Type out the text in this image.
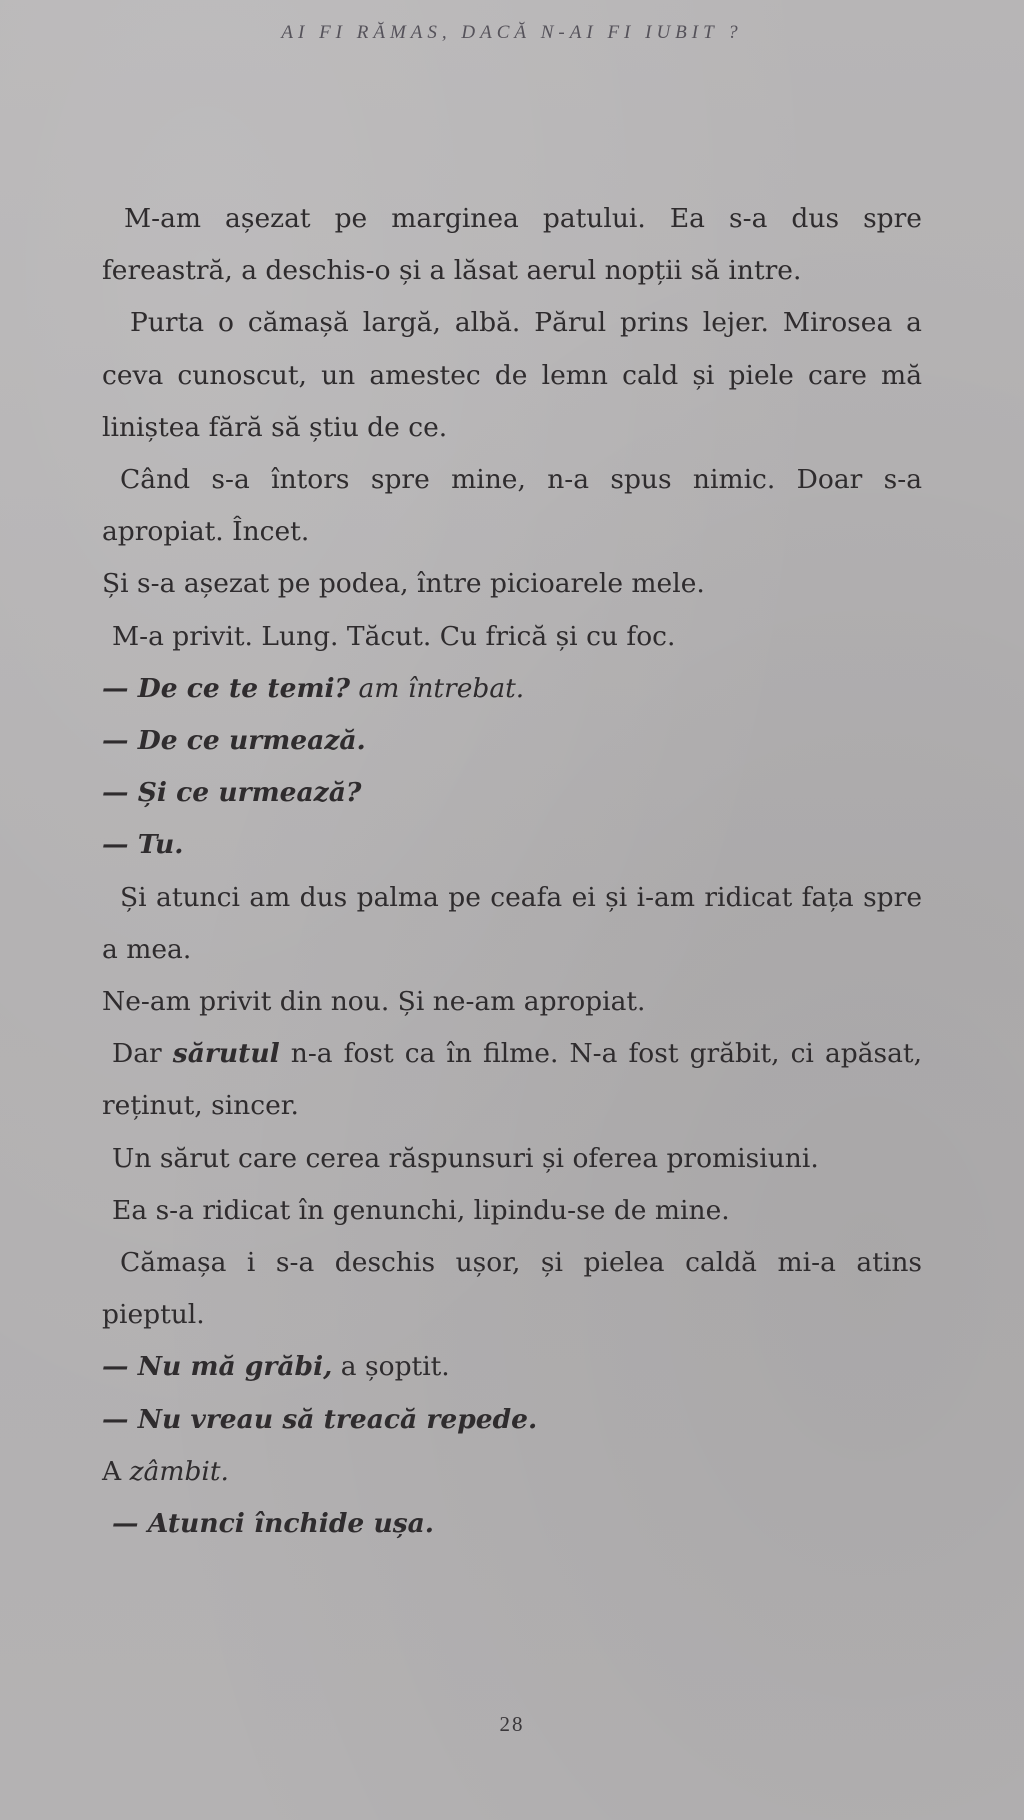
AI FI RĂMAS, DACĂ N-AI FI IUBIT ?

M-am așezat pe marginea patului. Ea s-a dus spre fereastră, a deschis-o și a lăsat aerul nopții să intre.

Purta o cămașă largă, albă. Părul prins lejer. Mirosea a ceva cunoscut, un amestec de lemn cald și piele care mă liniștea fără să știu de ce.

Când s-a întors spre mine, n-a spus nimic. Doar s-a apropiat. Încet.

Și s-a așezat pe podea, între picioarele mele.

M-a privit. Lung. Tăcut. Cu frică și cu foc.

— De ce te temi? am întrebat.

— De ce urmează.

— Și ce urmează?

— Tu.

Și atunci am dus palma pe ceafa ei și i-am ridicat fața spre a mea.

Ne-am privit din nou. Și ne-am apropiat.

Dar sărutul n-a fost ca în filme. N-a fost grăbit, ci apăsat, reținut, sincer.

Un sărut care cerea răspunsuri și oferea promisiuni.

Ea s-a ridicat în genunchi, lipindu-se de mine.

Cămașa i s-a deschis ușor, și pielea caldă mi-a atins pieptul.

— Nu mă grăbi, a șoptit.

— Nu vreau să treacă repede.

A zâmbit.

— Atunci închide ușa.

28
